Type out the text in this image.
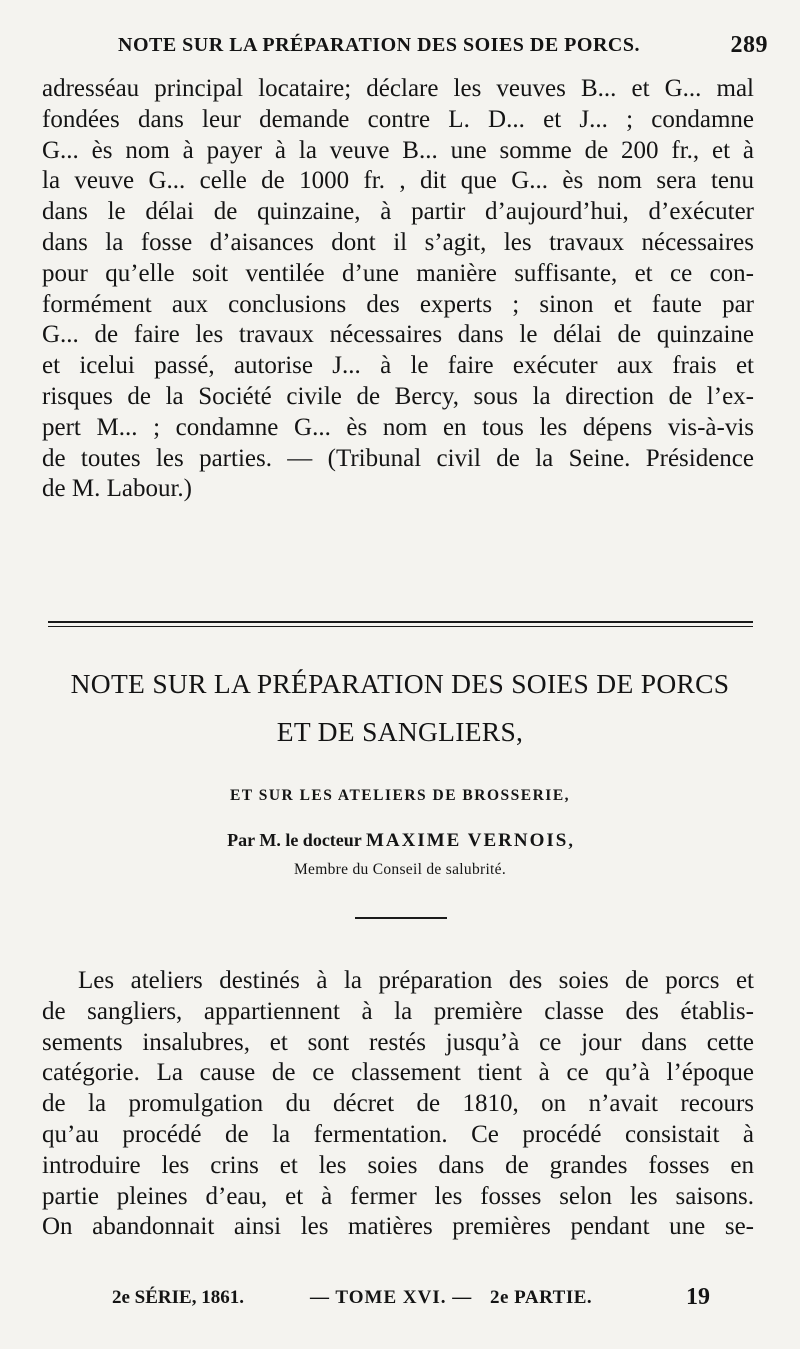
NOTE SUR LA PRÉPARATION DES SOIES DE PORCS.	289

adresséau principal locataire; déclare les veuves B... et G... mal
fondées dans leur demande contre L. D... et J... ; condamne
G... ès nom à payer à la veuve B... une somme de 200 fr., et à
la veuve G... celle de 1000 fr. , dit que G... ès nom sera tenu
dans le délai de quinzaine, à partir d’aujourd’hui, d’exécuter
dans la fosse d’aisances dont il s’agit, les travaux nécessaires
pour qu’elle soit ventilée d’une manière suffisante, et ce con-
formément aux conclusions des experts ; sinon et faute par
G... de faire les travaux nécessaires dans le délai de quinzaine
et icelui passé, autorise J... à le faire exécuter aux frais et
risques de la Société civile de Bercy, sous la direction de l’ex-
pert M... ; condamne G... ès nom en tous les dépens vis-à-vis
de toutes les parties. — (Tribunal civil de la Seine. Présidence
de M. Labour.)

NOTE SUR LA PRÉPARATION DES SOIES DE PORCS
ET DE SANGLIERS,
ET SUR LES ATELIERS DE BROSSERIE,
Par M. le docteur MAXIME VERNOIS,
Membre du Conseil de salubrité.

Les ateliers destinés à la préparation des soies de porcs et
de sangliers, appartiennent à la première classe des établis-
sements insalubres, et sont restés jusqu’à ce jour dans cette
catégorie. La cause de ce classement tient à ce qu’à l’époque
de la promulgation du décret de 1810, on n’avait recours
qu’au procédé de la fermentation. Ce procédé consistait à
introduire les crins et les soies dans de grandes fosses en
partie pleines d’eau, et à fermer les fosses selon les saisons.
On abandonnait ainsi les matières premières pendant une se-

2e SÉRIE, 1861.	— TOME XVI. — 2e PARTIE.	19
